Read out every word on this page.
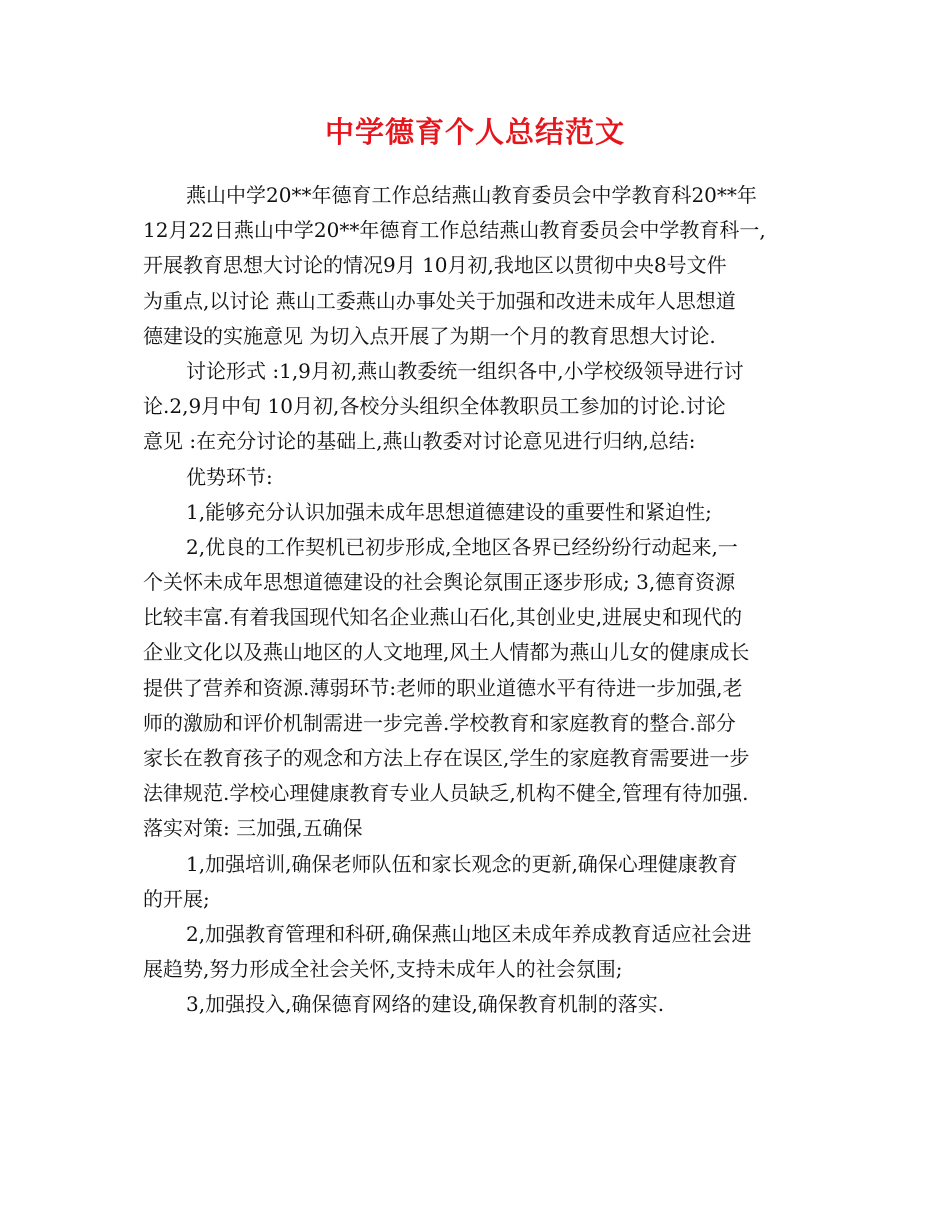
中学德育个人总结范文
燕山中学20**年德育工作总结燕山教育委员会中学教育科20**年
12月22日燕山中学20**年德育工作总结燕山教育委员会中学教育科一,
开展教育思想大讨论的情况9月 10月初,我地区以贯彻中央8号文件
为重点,以讨论 燕山工委燕山办事处关于加强和改进未成年人思想道
德建设的实施意见 为切入点开展了为期一个月的教育思想大讨论.
讨论形式 :1,9月初,燕山教委统一组织各中,小学校级领导进行讨
论.2,9月中旬 10月初,各校分头组织全体教职员工参加的讨论.讨论
意见 :在充分讨论的基础上,燕山教委对讨论意见进行归纳,总结:
优势环节:
1,能够充分认识加强未成年思想道德建设的重要性和紧迫性;
2,优良的工作契机已初步形成,全地区各界已经纷纷行动起来,一
个关怀未成年思想道德建设的社会舆论氛围正逐步形成; 3,德育资源
比较丰富.有着我国现代知名企业燕山石化,其创业史,进展史和现代的
企业文化以及燕山地区的人文地理,风土人情都为燕山儿女的健康成长
提供了营养和资源.薄弱环节:老师的职业道德水平有待进一步加强,老
师的激励和评价机制需进一步完善.学校教育和家庭教育的整合.部分
家长在教育孩子的观念和方法上存在误区,学生的家庭教育需要进一步
法律规范.学校心理健康教育专业人员缺乏,机构不健全,管理有待加强.
落实对策: 三加强,五确保
1,加强培训,确保老师队伍和家长观念的更新,确保心理健康教育
的开展;
2,加强教育管理和科研,确保燕山地区未成年养成教育适应社会进
展趋势,努力形成全社会关怀,支持未成年人的社会氛围;
3,加强投入,确保德育网络的建设,确保教育机制的落实.
